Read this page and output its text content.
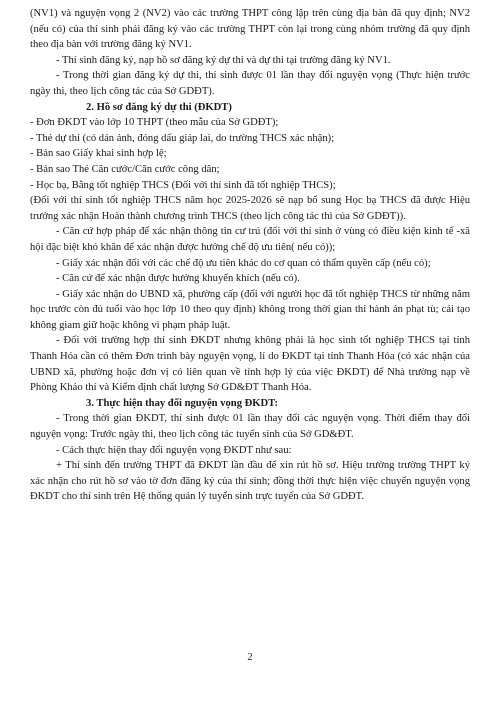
(NV1) và nguyện vọng 2 (NV2) vào các trường THPT công lập trên cùng địa bàn đã quy định; NV2 (nếu có) của thí sinh phải đăng ký vào các trường THPT còn lại trong cùng nhóm trường đã quy định theo địa bàn với trường đăng ký NV1.

- Thí sinh đăng ký, nạp hồ sơ đăng ký dự thi và dự thi tại trường đăng ký NV1.

- Trong thời gian đăng ký dự thi, thí sinh được 01 lần thay đổi nguyện vọng (Thực hiện trước ngày thi, theo lịch công tác của Sở GDĐT).

2. Hồ sơ đăng ký dự thi (ĐKDT)

- Đơn ĐKDT vào lớp 10 THPT (theo mẫu của Sở GDĐT);

- Thẻ dự thi (có dán ảnh, đóng dấu giáp lai, do trường THCS xác nhận);

- Bản sao Giấy khai sinh hợp lệ;

- Bản sao Thẻ Căn cước/Căn cước công dân;

- Học bạ, Bằng tốt nghiệp THCS (Đối với thí sinh đã tốt nghiệp THCS);

(Đối với thí sinh tốt nghiệp THCS năm học 2025-2026 sẽ nạp bổ sung Học bạ THCS đã được Hiệu trưởng xác nhận Hoàn thành chương trình THCS (theo lịch công tác thi của Sở GDĐT)).

- Căn cứ hợp pháp để xác nhận thông tin cư trú (đối với thí sinh ở vùng có điều kiện kinh tế -xã hội đặc biệt khó khăn để xác nhận được hưởng chế độ ưu tiên( nếu có));

- Giấy xác nhận đối với các chế độ ưu tiên khác do cơ quan có thẩm quyền cấp (nếu có);

- Căn cứ để xác nhận được hưởng khuyến khích (nếu có).

- Giấy xác nhận do UBND xã, phường cấp (đối với người học đã tốt nghiệp THCS từ những năm học trước còn đủ tuổi vào học lớp 10 theo quy định) không trong thời gian thi hành án phạt tù; cải tạo không giam giữ hoặc không vi phạm pháp luật.

- Đối với trường hợp thí sinh ĐKDT nhưng không phải là học sinh tốt nghiệp THCS tại tỉnh Thanh Hóa cần có thêm Đơn trình bày nguyện vọng, lí do ĐKDT tại tỉnh Thanh Hóa (có xác nhận của UBND xã, phường hoặc đơn vị có liên quan về tính hợp lý của việc ĐKDT) để Nhà trường nạp về Phòng Khảo thí và Kiểm định chất lượng Sở GD&ĐT Thanh Hóa.

3. Thực hiện thay đổi nguyện vọng ĐKDT:

- Trong thời gian ĐKDT, thí sinh được 01 lần thay đổi các nguyện vọng. Thời điểm thay đổi nguyện vọng: Trước ngày thi, theo lịch công tác tuyển sinh của Sở GD&ĐT.

- Cách thực hiện thay đổi nguyện vọng ĐKDT như sau:

+ Thí sinh đến trường THPT đã ĐKDT lần đầu để xin rút hồ sơ. Hiệu trưởng trường THPT ký xác nhận cho rút hồ sơ vào tờ đơn đăng ký của thí sinh; đồng thời thực hiện việc chuyển nguyện vọng ĐKDT cho thí sinh trên Hệ thống quản lý tuyển sinh trực tuyến của Sở GDĐT.

2
